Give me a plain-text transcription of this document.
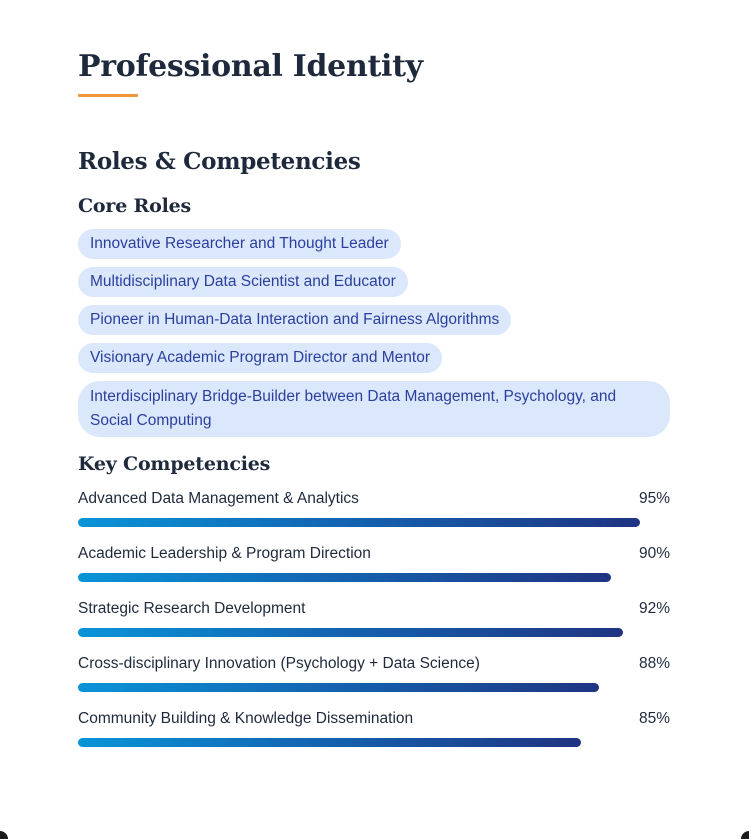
Professional Identity
Roles & Competencies
Core Roles
Innovative Researcher and Thought Leader
Multidisciplinary Data Scientist and Educator
Pioneer in Human-Data Interaction and Fairness Algorithms
Visionary Academic Program Director and Mentor
Interdisciplinary Bridge-Builder between Data Management, Psychology, and Social Computing
Key Competencies
Advanced Data Management & Analytics	95%
Academic Leadership & Program Direction	90%
Strategic Research Development	92%
Cross-disciplinary Innovation (Psychology + Data Science)	88%
Community Building & Knowledge Dissemination	85%
